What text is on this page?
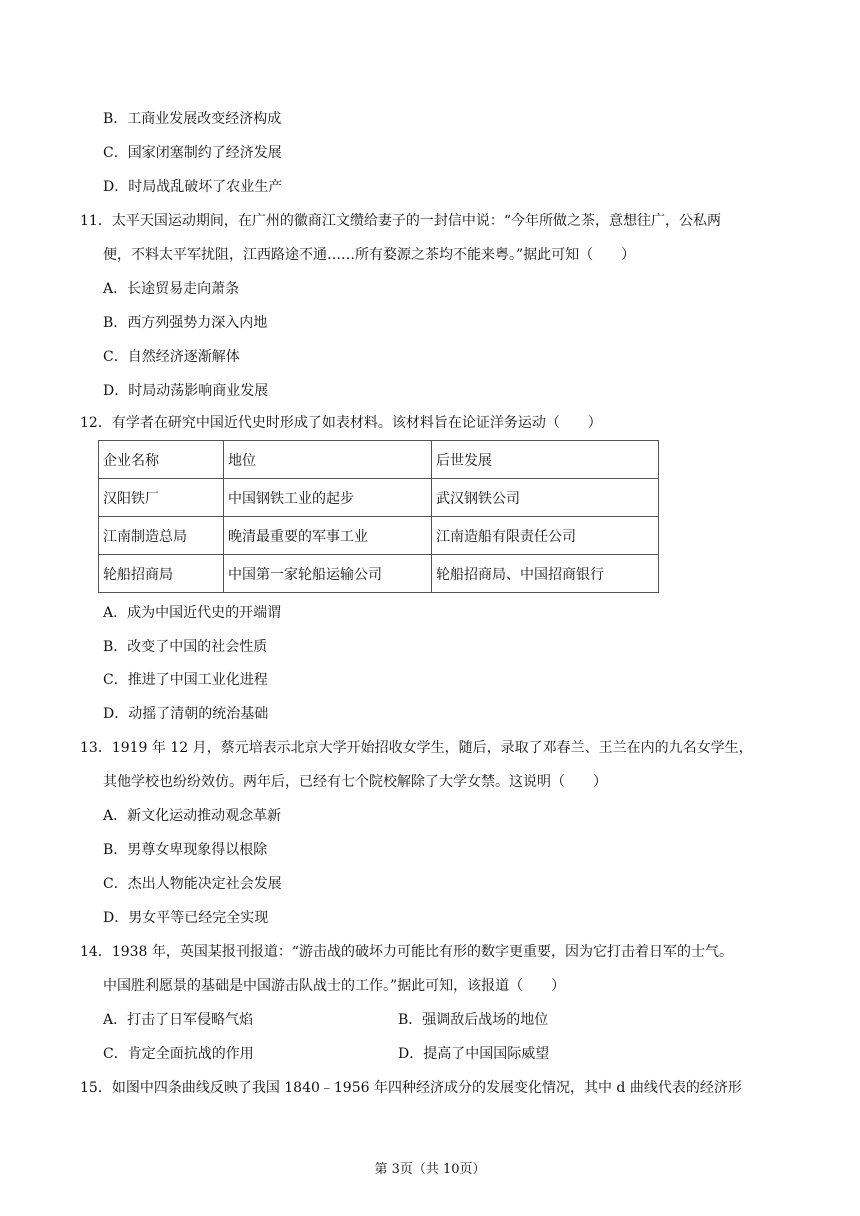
B．工商业发展改变经济构成
C．国家闭塞制约了经济发展
D．时局战乱破坏了农业生产
11．太平天国运动期间，在广州的徽商江文缵给妻子的一封信中说：“今年所做之茶，意想往广，公私两
便，不料太平军扰阻，江西路途不通……所有婺源之茶均不能来粤。”据此可知（　　）
A．长途贸易走向萧条
B．西方列强势力深入内地
C．自然经济逐渐解体
D．时局动荡影响商业发展
12．有学者在研究中国近代史时形成了如表材料。该材料旨在论证洋务运动（　　）
企业名称	地位	后世发展
汉阳铁厂	中国钢铁工业的起步	武汉钢铁公司
江南制造总局	晚清最重要的军事工业	江南造船有限责任公司
轮船招商局	中国第一家轮船运输公司	轮船招商局、中国招商银行
A．成为中国近代史的开端谓
B．改变了中国的社会性质
C．推进了中国工业化进程
D．动摇了清朝的统治基础
13．1919 年 12 月，蔡元培表示北京大学开始招收女学生，随后，录取了邓春兰、王兰在内的九名女学生，
其他学校也纷纷效仿。两年后，已经有七个院校解除了大学女禁。这说明（　　）
A．新文化运动推动观念革新
B．男尊女卑现象得以根除
C．杰出人物能决定社会发展
D．男女平等已经完全实现
14．1938 年，英国某报刊报道：“游击战的破坏力可能比有形的数字更重要，因为它打击着日军的士气。
中国胜利愿景的基础是中国游击队战士的工作。”据此可知，该报道（　　）
A．打击了日军侵略气焰	B．强调敌后战场的地位
C．肯定全面抗战的作用	D．提高了中国国际威望
15．如图中四条曲线反映了我国 1840﹣1956 年四种经济成分的发展变化情况，其中 d 曲线代表的经济形
第 3页（共 10页）
